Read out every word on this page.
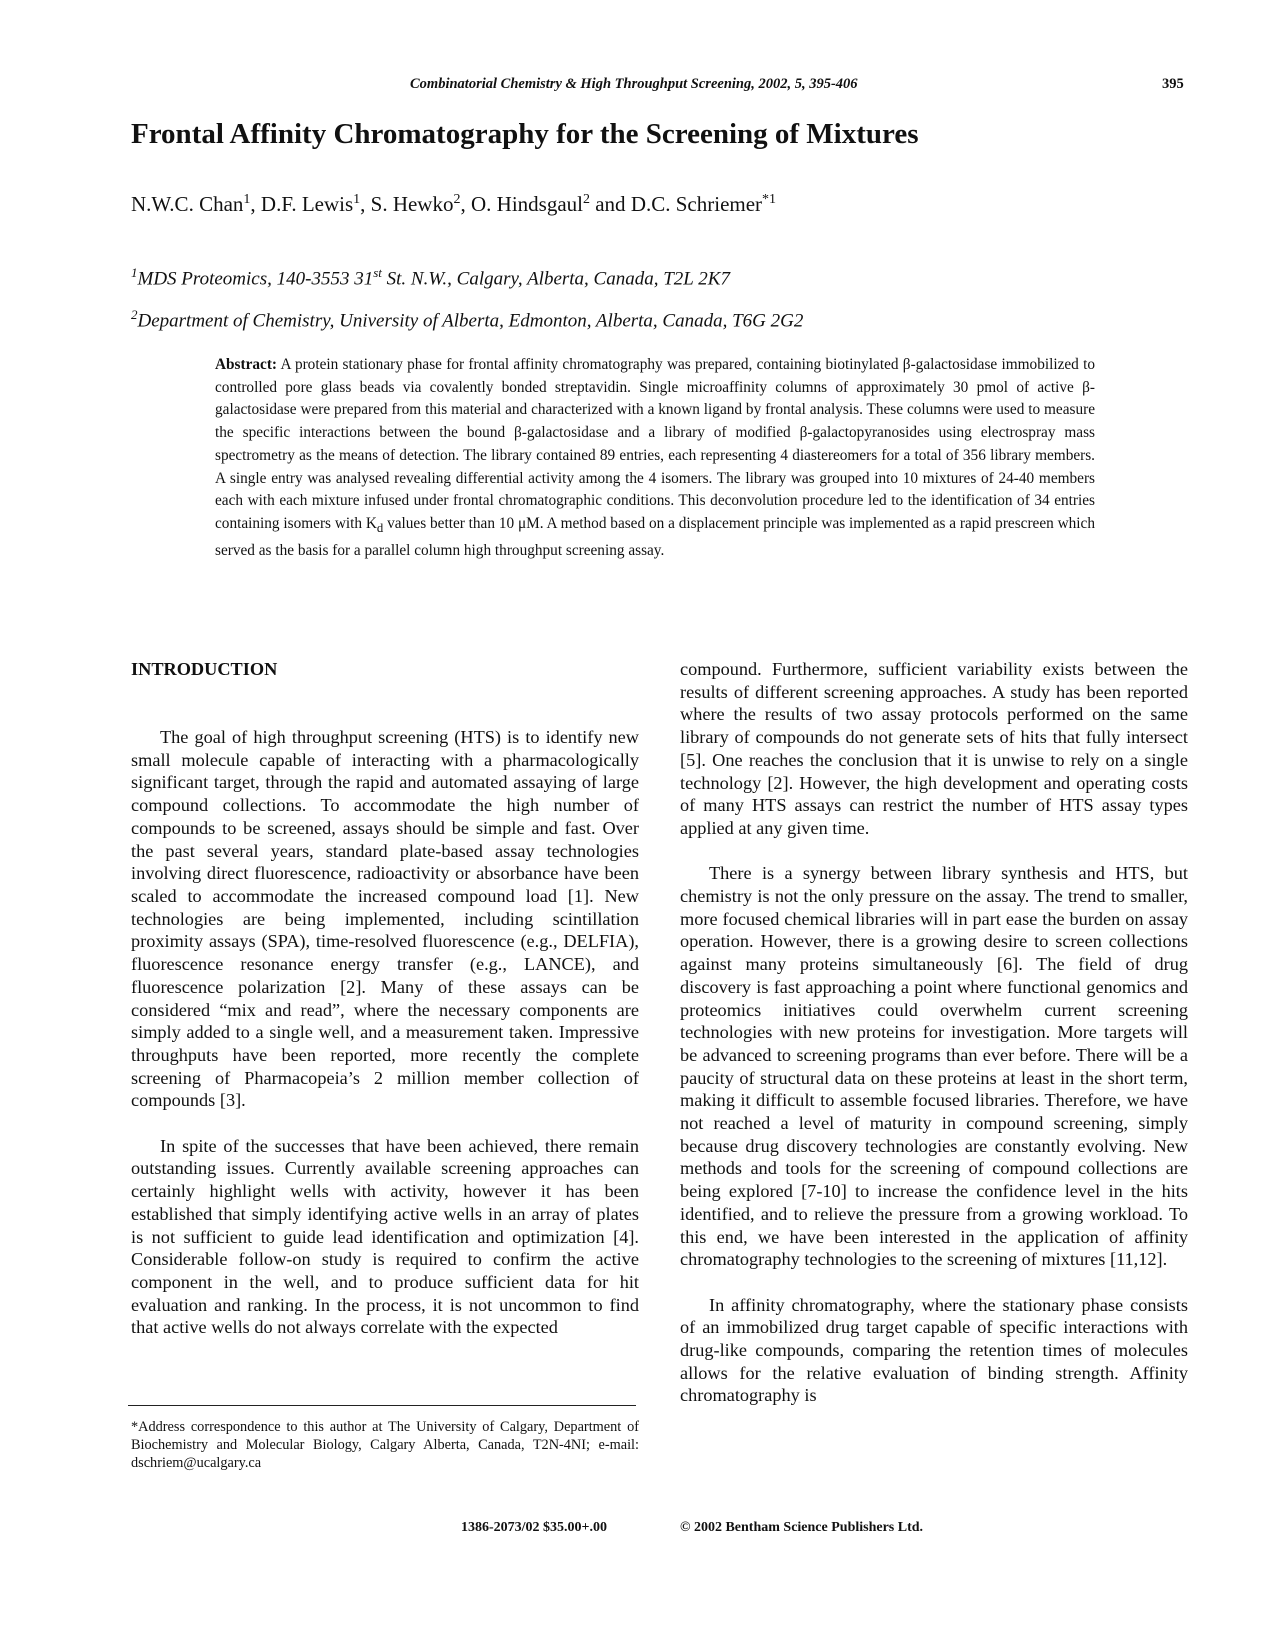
Combinatorial Chemistry & High Throughput Screening, 2002, 5, 395-406	395
Frontal Affinity Chromatography for the Screening of Mixtures
N.W.C. Chan$^1$, D.F. Lewis$^1$, S. Hewko$^2$, O. Hindsgaul$^2$ and D.C. Schriemer$^{*1}$
$^1$MDS Proteomics, 140-3553 31st St. N.W., Calgary, Alberta, Canada, T2L 2K7
$^2$Department of Chemistry, University of Alberta, Edmonton, Alberta, Canada, T6G 2G2
Abstract: A protein stationary phase for frontal affinity chromatography was prepared, containing biotinylated β-galactosidase immobilized to controlled pore glass beads via covalently bonded streptavidin. Single microaffinity columns of approximately 30 pmol of active β-galactosidase were prepared from this material and characterized with a known ligand by frontal analysis. These columns were used to measure the specific interactions between the bound β-galactosidase and a library of modified β-galactopyranosides using electrospray mass spectrometry as the means of detection. The library contained 89 entries, each representing 4 diastereomers for a total of 356 library members. A single entry was analysed revealing differential activity among the 4 isomers. The library was grouped into 10 mixtures of 24-40 members each with each mixture infused under frontal chromatographic conditions. This deconvolution procedure led to the identification of 34 entries containing isomers with $K_d$ values better than 10 μM. A method based on a displacement principle was implemented as a rapid prescreen which served as the basis for a parallel column high throughput screening assay.

INTRODUCTION

The goal of high throughput screening (HTS) is to identify new small molecule capable of interacting with a pharmacologically significant target, through the rapid and automated assaying of large compound collections. To accommodate the high number of compounds to be screened, assays should be simple and fast. Over the past several years, standard plate-based assay technologies involving direct fluorescence, radioactivity or absorbance have been scaled to accommodate the increased compound load [1]. New technologies are being implemented, including scintillation proximity assays (SPA), time-resolved fluorescence (e.g., DELFIA), fluorescence resonance energy transfer (e.g., LANCE), and fluorescence polarization [2]. Many of these assays can be considered “mix and read”, where the necessary components are simply added to a single well, and a measurement taken. Impressive throughputs have been reported, more recently the complete screening of Pharmacopeia’s 2 million member collection of compounds [3].

In spite of the successes that have been achieved, there remain outstanding issues. Currently available screening approaches can certainly highlight wells with activity, however it has been established that simply identifying active wells in an array of plates is not sufficient to guide lead identification and optimization [4]. Considerable follow-on study is required to confirm the active component in the well, and to produce sufficient data for hit evaluation and ranking. In the process, it is not uncommon to find that active wells do not always correlate with the expected

compound. Furthermore, sufficient variability exists between the results of different screening approaches. A study has been reported where the results of two assay protocols performed on the same library of compounds do not generate sets of hits that fully intersect [5]. One reaches the conclusion that it is unwise to rely on a single technology [2]. However, the high development and operating costs of many HTS assays can restrict the number of HTS assay types applied at any given time.

There is a synergy between library synthesis and HTS, but chemistry is not the only pressure on the assay. The trend to smaller, more focused chemical libraries will in part ease the burden on assay operation. However, there is a growing desire to screen collections against many proteins simultaneously [6]. The field of drug discovery is fast approaching a point where functional genomics and proteomics initiatives could overwhelm current screening technologies with new proteins for investigation. More targets will be advanced to screening programs than ever before. There will be a paucity of structural data on these proteins at least in the short term, making it difficult to assemble focused libraries. Therefore, we have not reached a level of maturity in compound screening, simply because drug discovery technologies are constantly evolving. New methods and tools for the screening of compound collections are being explored [7-10] to increase the confidence level in the hits identified, and to relieve the pressure from a growing workload. To this end, we have been interested in the application of affinity chromatography technologies to the screening of mixtures [11,12].

In affinity chromatography, where the stationary phase consists of an immobilized drug target capable of specific interactions with drug-like compounds, comparing the retention times of molecules allows for the relative evaluation of binding strength. Affinity chromatography is

*Address correspondence to this author at The University of Calgary, Department of Biochemistry and Molecular Biology, Calgary Alberta, Canada, T2N-4NI; e-mail: dschriem@ucalgary.ca
1386-2073/02 $35.00+.00	© 2002 Bentham Science Publishers Ltd.
